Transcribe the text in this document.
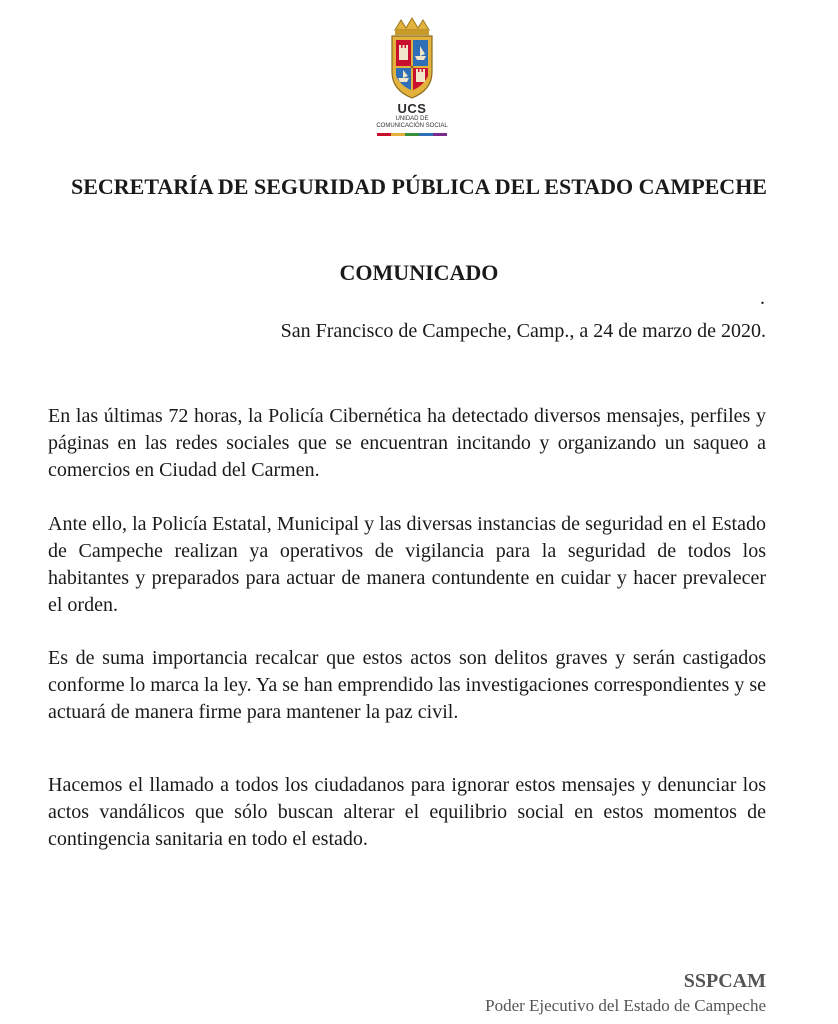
UCS
UNIDAD DE
COMUNICACIÓN SOCIAL
SECRETARÍA DE SEGURIDAD PÚBLICA DEL ESTADO CAMPECHE
COMUNICADO
.
San Francisco de Campeche, Camp., a 24 de marzo de 2020.
En las últimas 72 horas, la Policía Cibernética ha detectado diversos mensajes, perfiles y páginas en las redes sociales que se encuentran incitando y organizando un saqueo a comercios en Ciudad del Carmen.
Ante ello, la Policía Estatal, Municipal y las diversas instancias de seguridad en el Estado de Campeche realizan ya operativos de vigilancia para la seguridad de todos los habitantes y preparados para actuar de manera contundente en cuidar y hacer prevalecer el orden.
Es de suma importancia recalcar que estos actos son delitos graves y serán castigados conforme lo marca la ley. Ya se han emprendido las investigaciones correspondientes y se actuará de manera firme para mantener la paz civil.
Hacemos el llamado a todos los ciudadanos para ignorar estos mensajes y denunciar los actos vandálicos que sólo buscan alterar el equilibrio social en estos momentos de contingencia sanitaria en todo el estado.
SSPCAM
Poder Ejecutivo del Estado de Campeche
